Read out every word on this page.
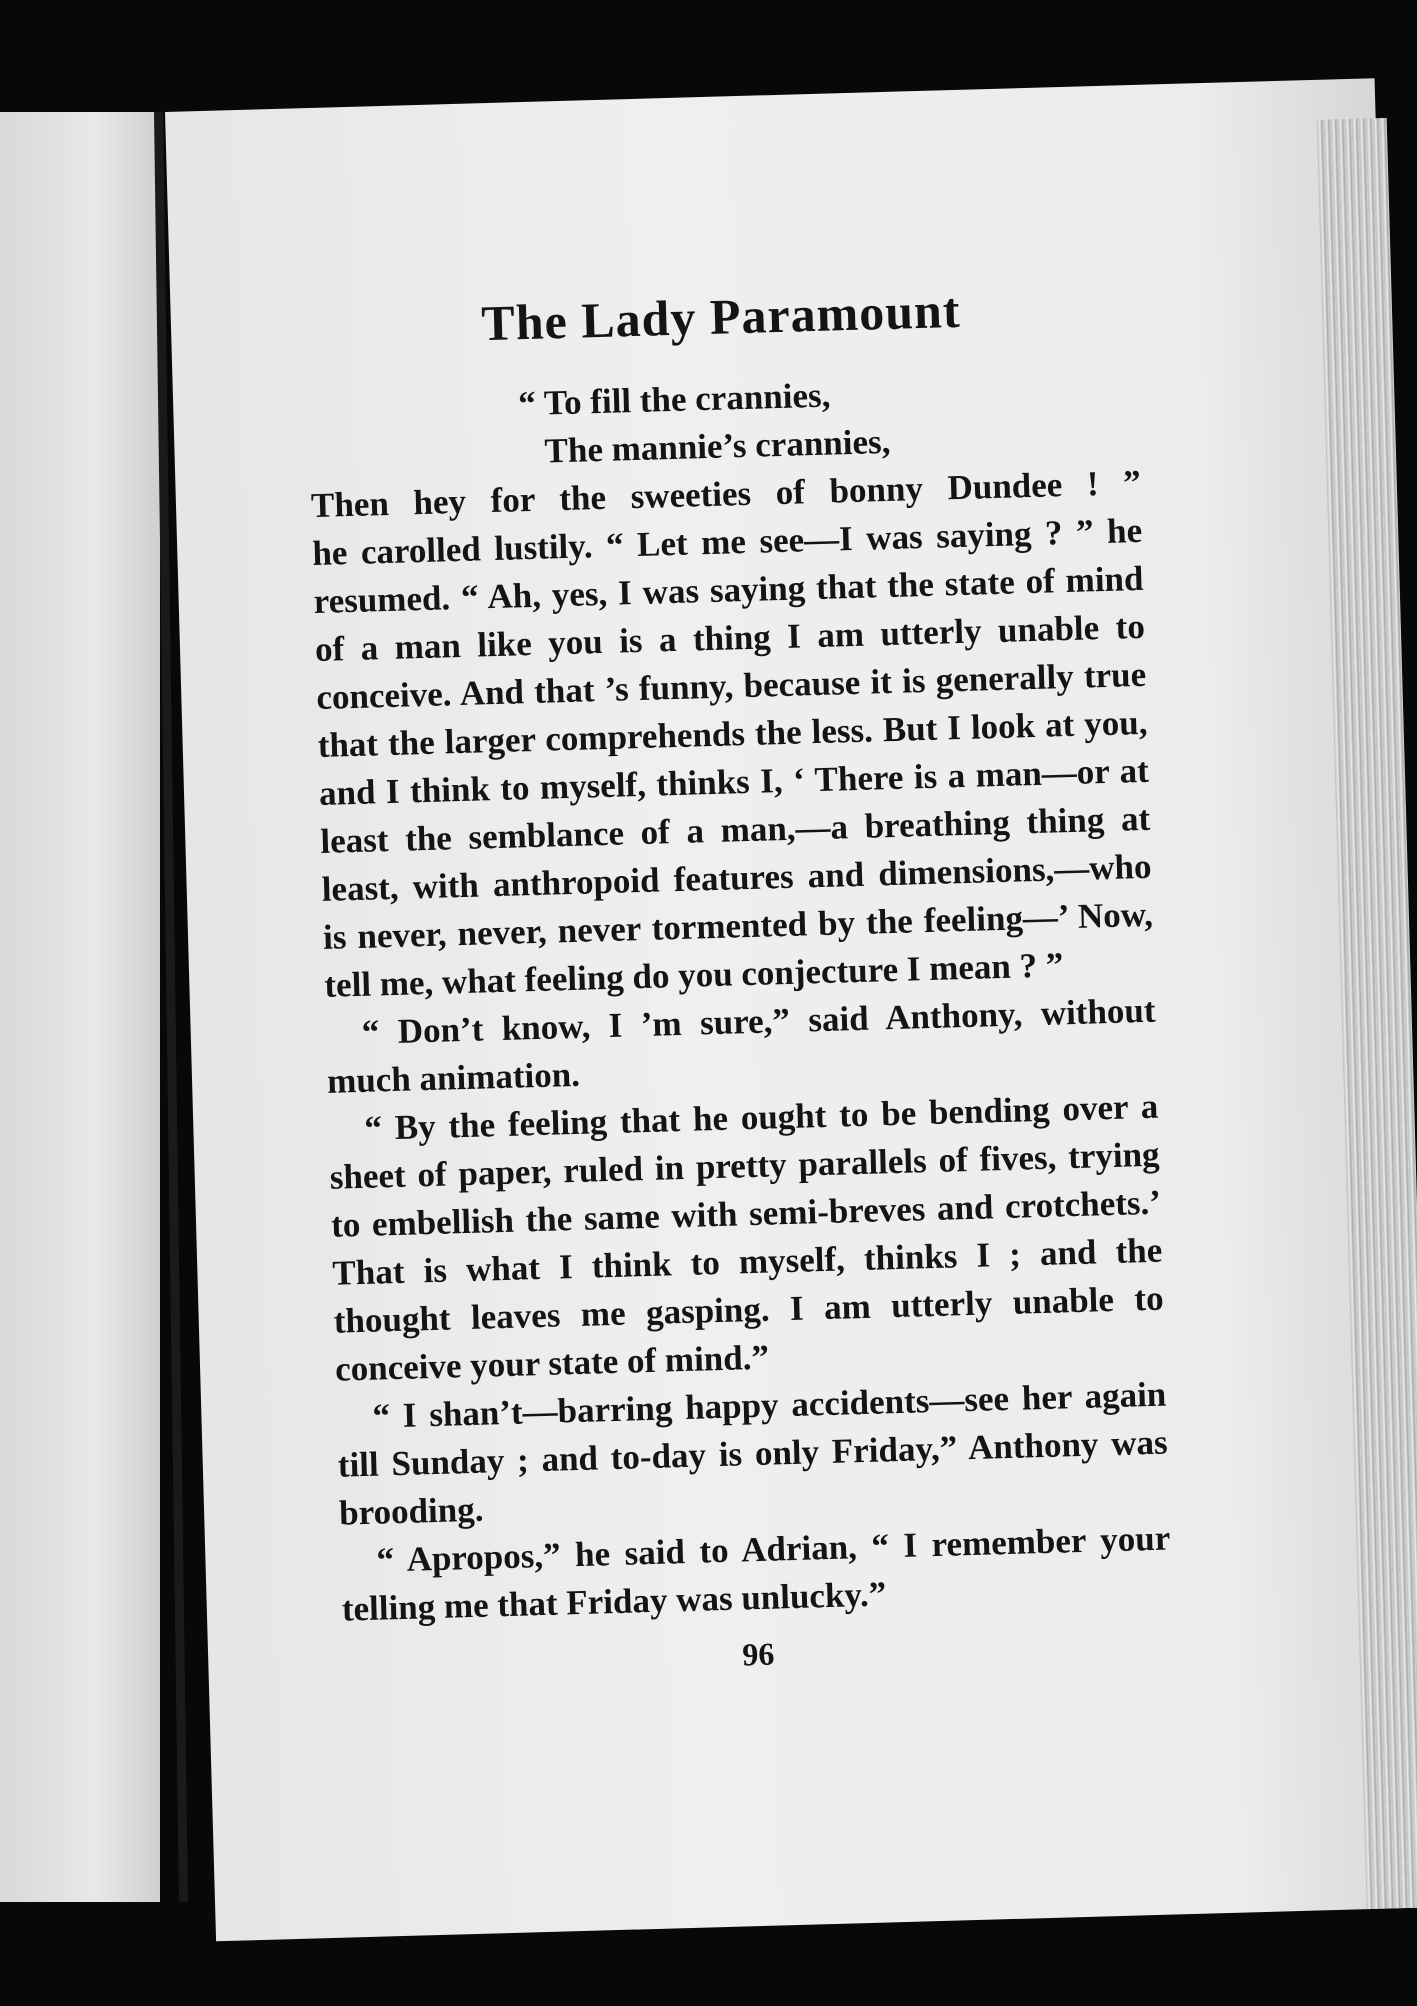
The Lady Paramount
“ To fill the crannies,
The mannie’s crannies,
Then hey for the sweeties of bonny Dundee ! ”

he carolled lustily. “ Let me see—I was saying ? ” he resumed. “ Ah, yes, I was saying that the state of mind of a man like you is a thing I am utterly unable to conceive. And that ’s funny, because it is generally true that the larger comprehends the less. But I look at you, and I think to myself, thinks I, ‘ There is a man—or at least the semblance of a man,—a breathing thing at least, with anthropoid features and dimensions,—who is never, never, never tormented by the feeling—’ Now, tell me, what feeling do you conjecture I mean ? ”

“ Don’t know, I ’m sure,” said Anthony, without much animation.

“ By the feeling that he ought to be bending over a sheet of paper, ruled in pretty parallels of fives, trying to embellish the same with semi-breves and crotchets.’ That is what I think to myself, thinks I ; and the thought leaves me gasping. I am utterly unable to conceive your state of mind.”

“ I shan’t—barring happy accidents—see her again till Sunday ; and to-day is only Friday,” Anthony was brooding.

“ Apropos,” he said to Adrian, “ I remember your telling me that Friday was unlucky.”

96
